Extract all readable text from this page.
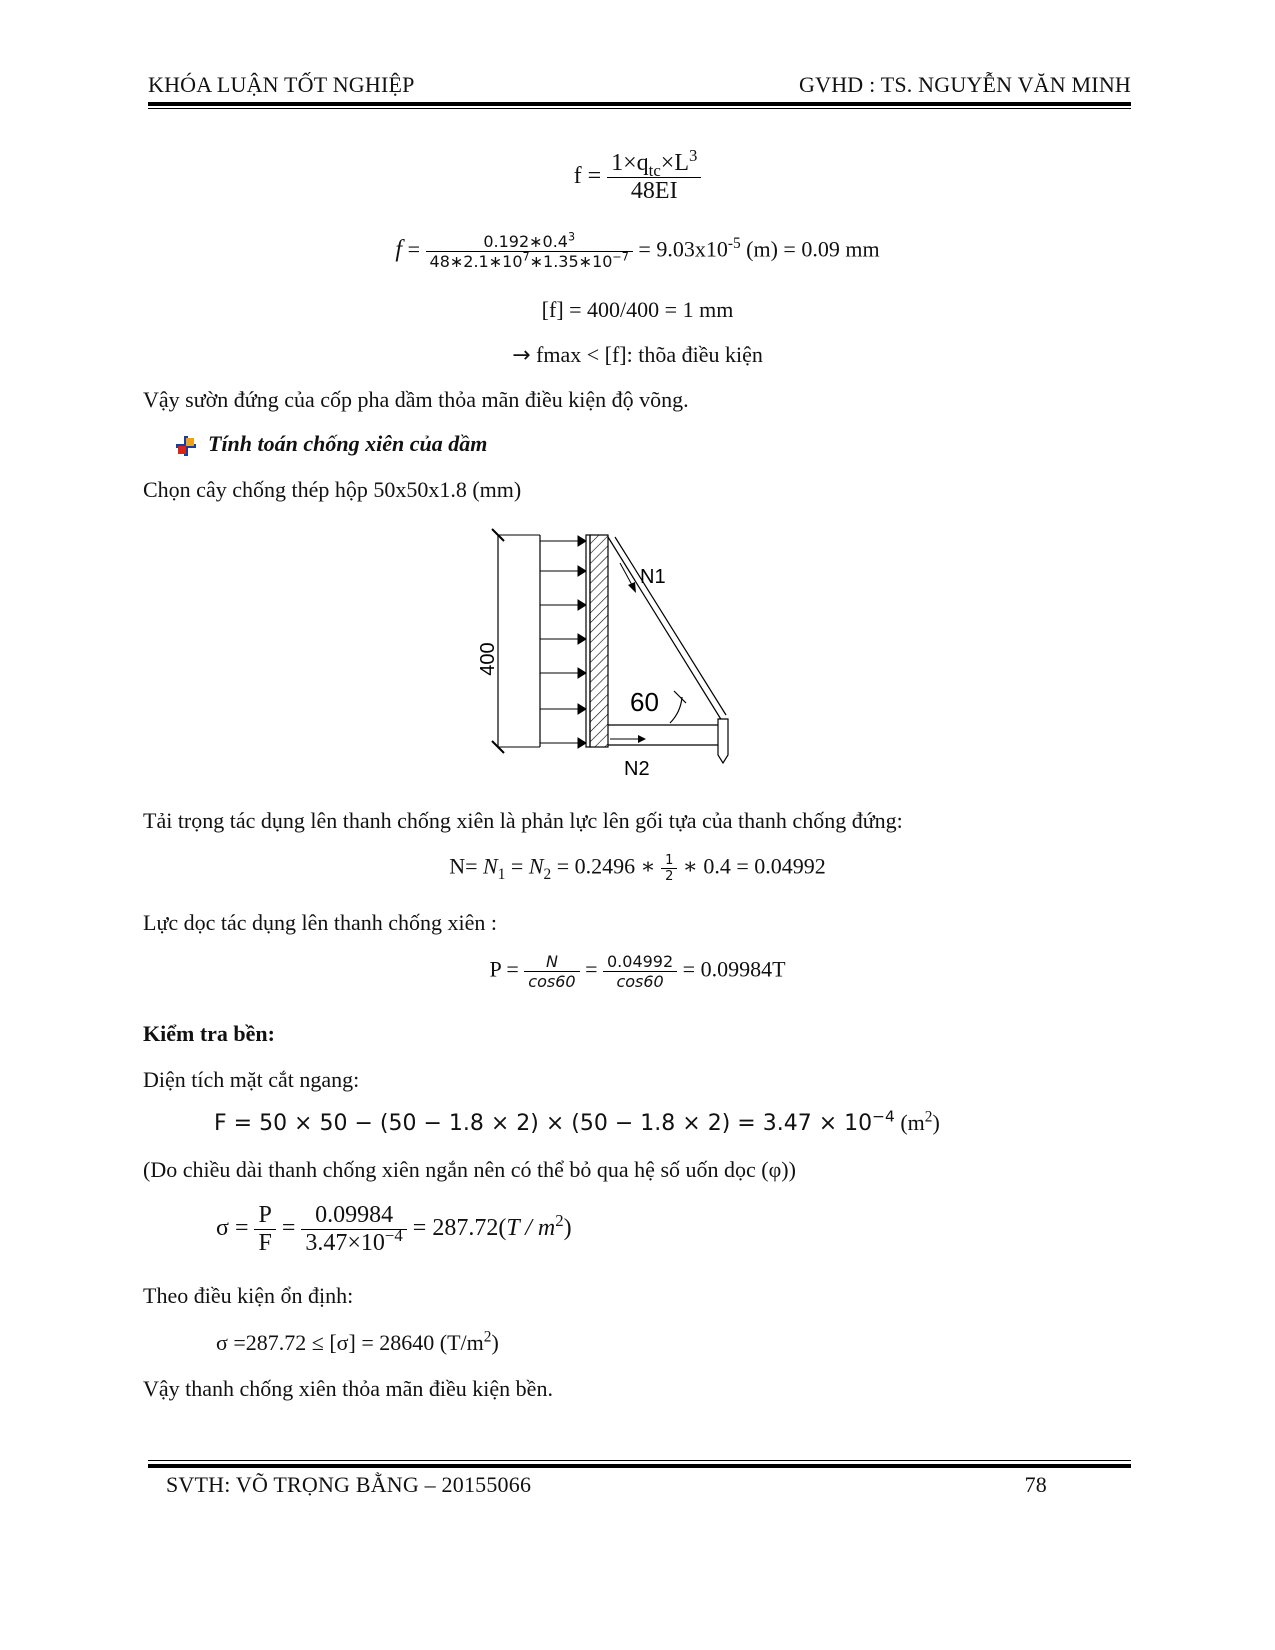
KHÓA LUẬN TỐT NGHIỆP	GVHD : TS. NGUYỄN VĂN MINH
$f = \frac{1\times q_{tc}\times L^3}{48EI}$
$f = \frac{0.192∗0.4^3}{48∗2.1∗10^7∗1.35∗10^{-7}} = 9.03x10^{-5}$ (m) = 0.09 mm
[f] = 400/400 = 1 mm
→ fmax < [f]: thõa điều kiện
Vậy sườn đứng của cốp pha dầm thỏa mãn điều kiện độ võng.
Tính toán chống xiên của dầm
Chọn cây chống thép hộp 50x50x1.8 (mm)
400
N1
N2
60
Tải trọng tác dụng lên thanh chống xiên là phản lực lên gối tựa của thanh chống đứng:
$N= N_1 = N_2 = 0.2496$ ∗ $\frac{1}{2}$ ∗ 0.4 = 0.04992
Lực dọc tác dụng lên thanh chống xiên :
$P = \frac{N}{\cos 60} = \frac{0.04992}{\cos 60} = 0.09984T$
Kiểm tra bền:
Diện tích mặt cắt ngang:
$F = 50 \times 50 - (50 - 1.8 \times 2) \times (50 - 1.8 \times 2) = 3.47 \times 10^{-4}$ $(m^2)$
(Do chiều dài thanh chống xiên ngắn nên có thể bỏ qua hệ số uốn dọc (φ))
$\sigma = \frac{P}{F} = \frac{0.09984}{3.47\times 10^{-4}} = 287.72(T / m^2)$
Theo điều kiện ổn định:
σ =287.72 ≤ [σ] = 28640 $(T/m^2)$
Vậy thanh chống xiên thỏa mãn điều kiện bền.
SVTH: VÕ TRỌNG BẰNG – 20155066	78
